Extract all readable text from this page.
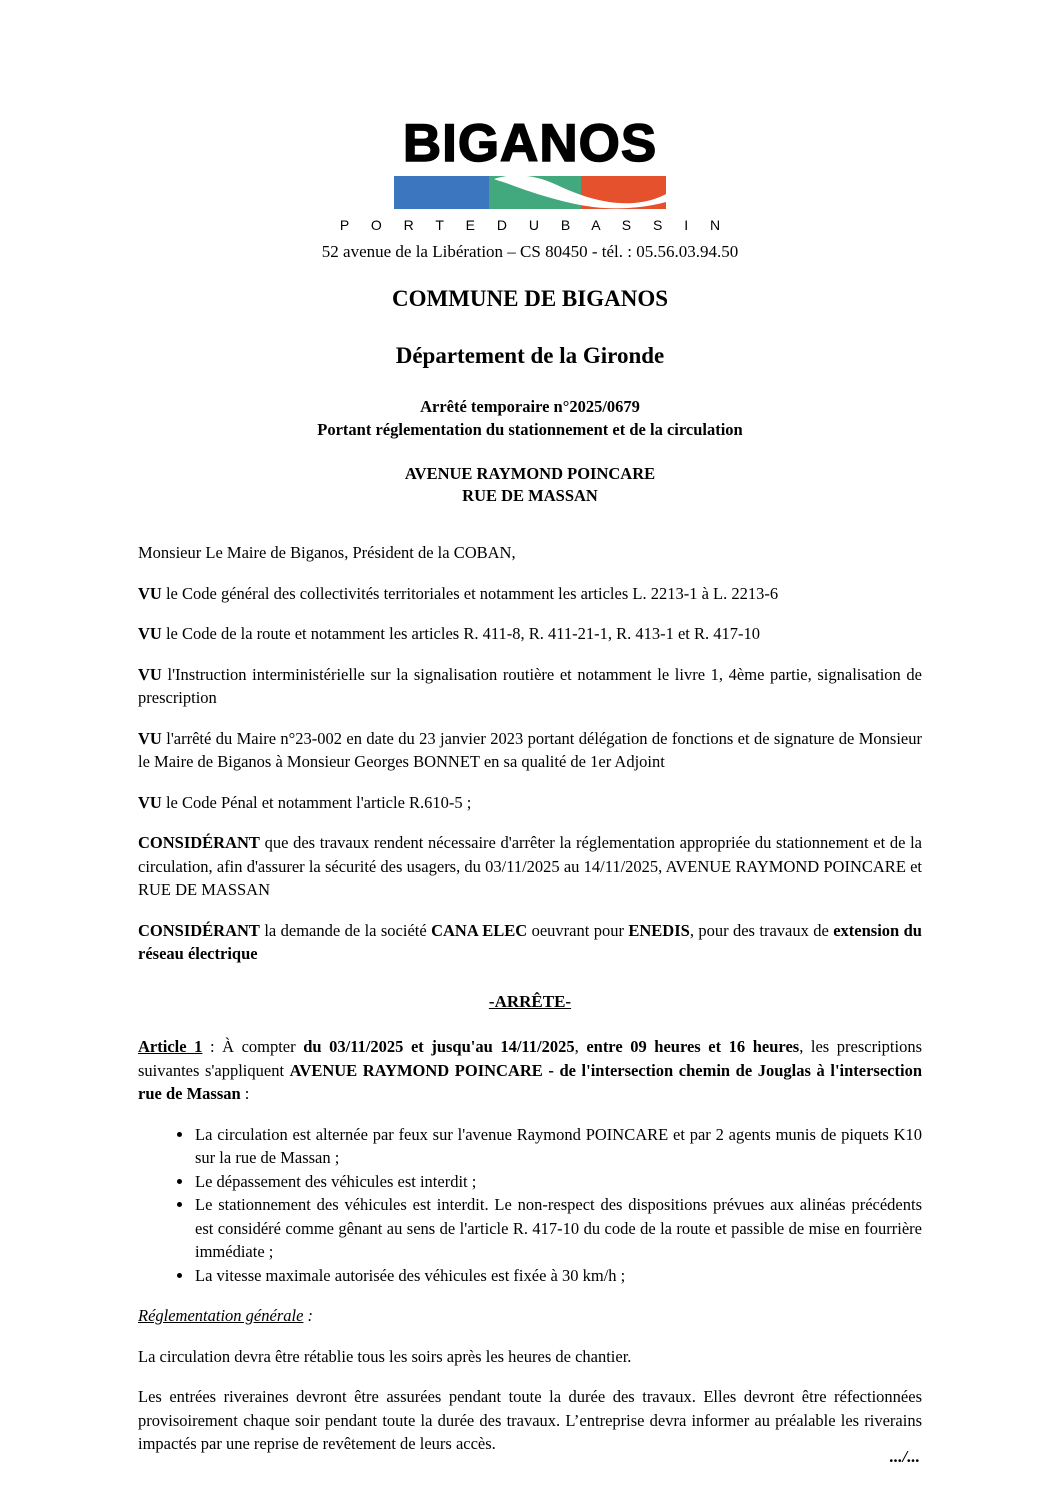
BIGANOS
P O R T E D U B A S S I N
52 avenue de la Libération – CS 80450 - tél. : 05.56.03.94.50
COMMUNE DE BIGANOS
Département de la Gironde
Arrêté temporaire n°2025/0679
Portant réglementation du stationnement et de la circulation
AVENUE RAYMOND POINCARE
RUE DE MASSAN

Monsieur Le Maire de Biganos, Président de la COBAN,

VU le Code général des collectivités territoriales et notamment les articles L. 2213-1 à L. 2213-6

VU le Code de la route et notamment les articles R. 411-8, R. 411-21-1, R. 413-1 et R. 417-10

VU l'Instruction interministérielle sur la signalisation routière et notamment le livre 1, 4ème partie, signalisation de prescription

VU l'arrêté du Maire n°23-002 en date du 23 janvier 2023 portant délégation de fonctions et de signature de Monsieur le Maire de Biganos à Monsieur Georges BONNET en sa qualité de 1er Adjoint

VU le Code Pénal et notamment l'article R.610-5 ;

CONSIDÉRANT que des travaux rendent nécessaire d'arrêter la réglementation appropriée du stationnement et de la circulation, afin d'assurer la sécurité des usagers, du 03/11/2025 au 14/11/2025, AVENUE RAYMOND POINCARE et RUE DE MASSAN

CONSIDÉRANT la demande de la société CANA ELEC oeuvrant pour ENEDIS, pour des travaux de extension du réseau électrique

-ARRÊTE-

Article 1 : À compter du 03/11/2025 et jusqu'au 14/11/2025, entre 09 heures et 16 heures, les prescriptions suivantes s'appliquent AVENUE RAYMOND POINCARE - de l'intersection chemin de Jouglas à l'intersection rue de Massan :

• La circulation est alternée par feux sur l'avenue Raymond POINCARE et par 2 agents munis de piquets K10 sur la rue de Massan ;
• Le dépassement des véhicules est interdit ;
• Le stationnement des véhicules est interdit. Le non-respect des dispositions prévues aux alinéas précédents est considéré comme gênant au sens de l'article R. 417-10 du code de la route et passible de mise en fourrière immédiate ;
• La vitesse maximale autorisée des véhicules est fixée à 30 km/h ;

Réglementation générale :

La circulation devra être rétablie tous les soirs après les heures de chantier.

Les entrées riveraines devront être assurées pendant toute la durée des travaux. Elles devront être réfectionnées provisoirement chaque soir pendant toute la durée des travaux. L’entreprise devra informer au préalable les riverains impactés par une reprise de revêtement de leurs accès.

.../...
